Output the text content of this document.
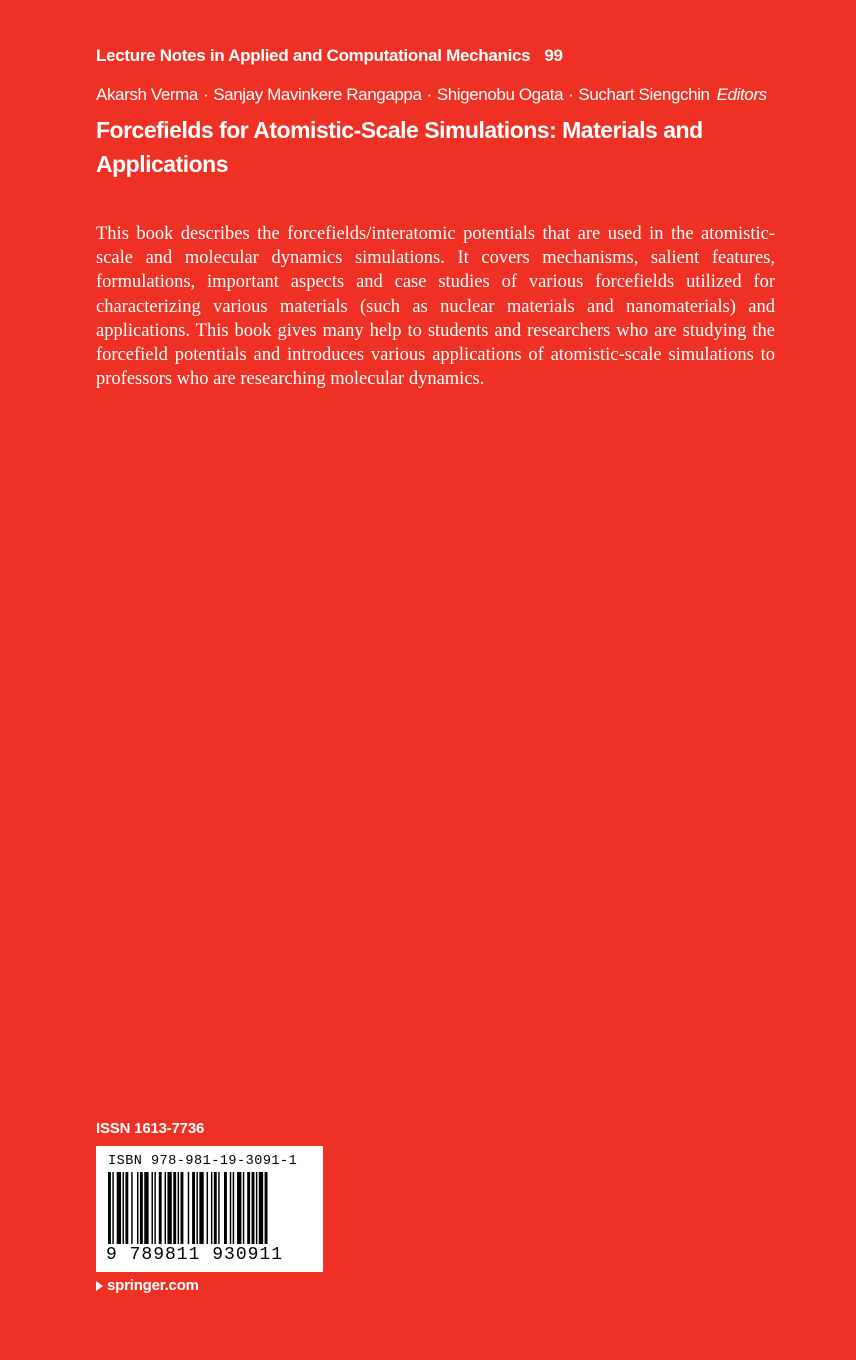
Lecture Notes in Applied and Computational Mechanics 99
Akarsh Verma · Sanjay Mavinkere Rangappa · Shigenobu Ogata · Suchart Siengchin Editors
Forcefields for Atomistic-Scale Simulations: Materials and Applications

This book describes the forcefields/interatomic potentials that are used in the atomistic-scale and molecular dynamics simulations. It covers mechanisms, salient features, formulations, important aspects and case studies of various forcefields utilized for characterizing various materials (such as nuclear materials and nanomaterials) and applications. This book gives many help to students and researchers who are studying the forcefield potentials and introduces various applications of atomistic-scale simulations to professors who are researching molecular dynamics.

ISSN 1613-7736
ISBN 978-981-19-3091-1
9 789811 930911
springer.com
